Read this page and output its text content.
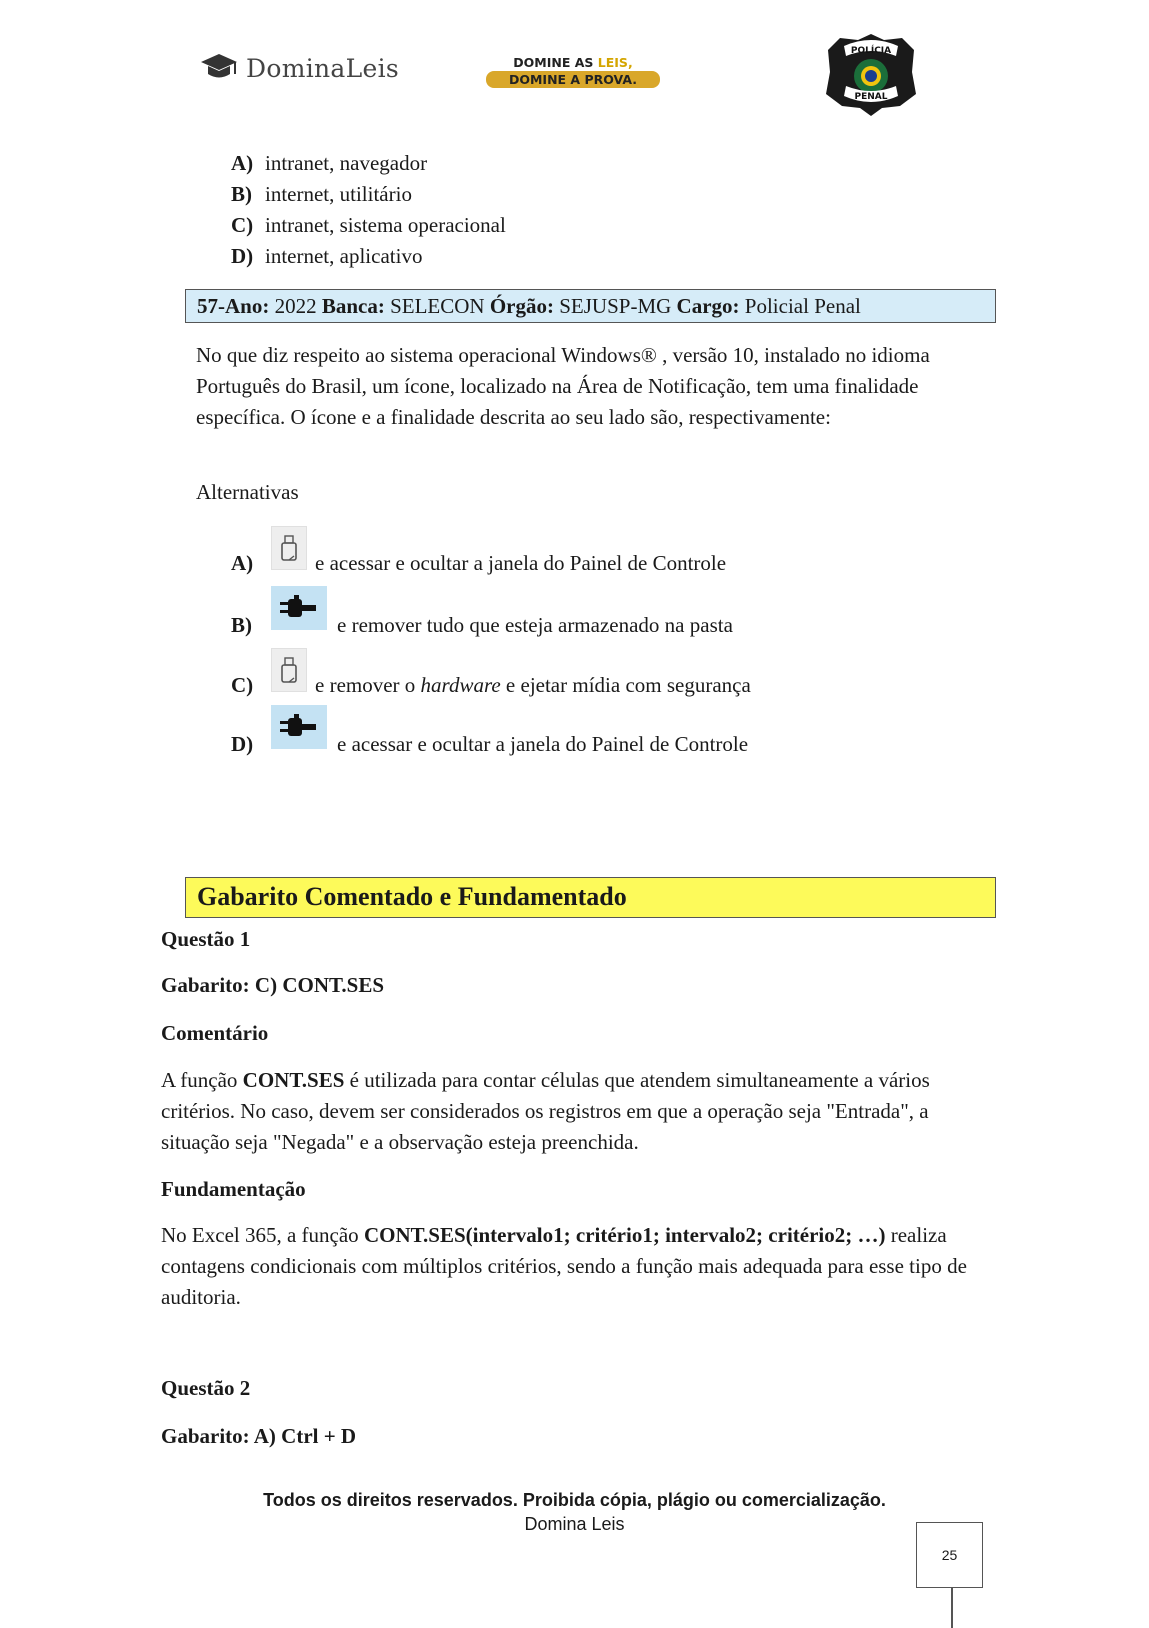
DominaLeis	DOMINE AS LEIS,
DOMINE A PROVA.
POLÍCIA
PENAL
A) intranet, navegador
B) internet, utilitário
C) intranet, sistema operacional
D) internet, aplicativo
57-Ano: 2022 Banca: SELECON Órgão: SEJUSP-MG Cargo: Policial Penal
No que diz respeito ao sistema operacional Windows® , versão 10, instalado no idioma Português do Brasil, um ícone, localizado na Área de Notificação, tem uma finalidade específica. O ícone e a finalidade descrita ao seu lado são, respectivamente:
Alternativas
A)	e acessar e ocultar a janela do Painel de Controle
B)	e remover tudo que esteja armazenado na pasta
C)	e remover o hardware e ejetar mídia com segurança
D)	e acessar e ocultar a janela do Painel de Controle
Gabarito Comentado e Fundamentado
Questão 1
Gabarito: C) CONT.SES
Comentário
A função CONT.SES é utilizada para contar células que atendem simultaneamente a vários critérios. No caso, devem ser considerados os registros em que a operação seja "Entrada", a situação seja "Negada" e a observação esteja preenchida.
Fundamentação
No Excel 365, a função CONT.SES(intervalo1; critério1; intervalo2; critério2; …) realiza contagens condicionais com múltiplos critérios, sendo a função mais adequada para esse tipo de auditoria.
Questão 2
Gabarito: A) Ctrl + D
Todos os direitos reservados. Proibida cópia, plágio ou comercialização.
Domina Leis
25
